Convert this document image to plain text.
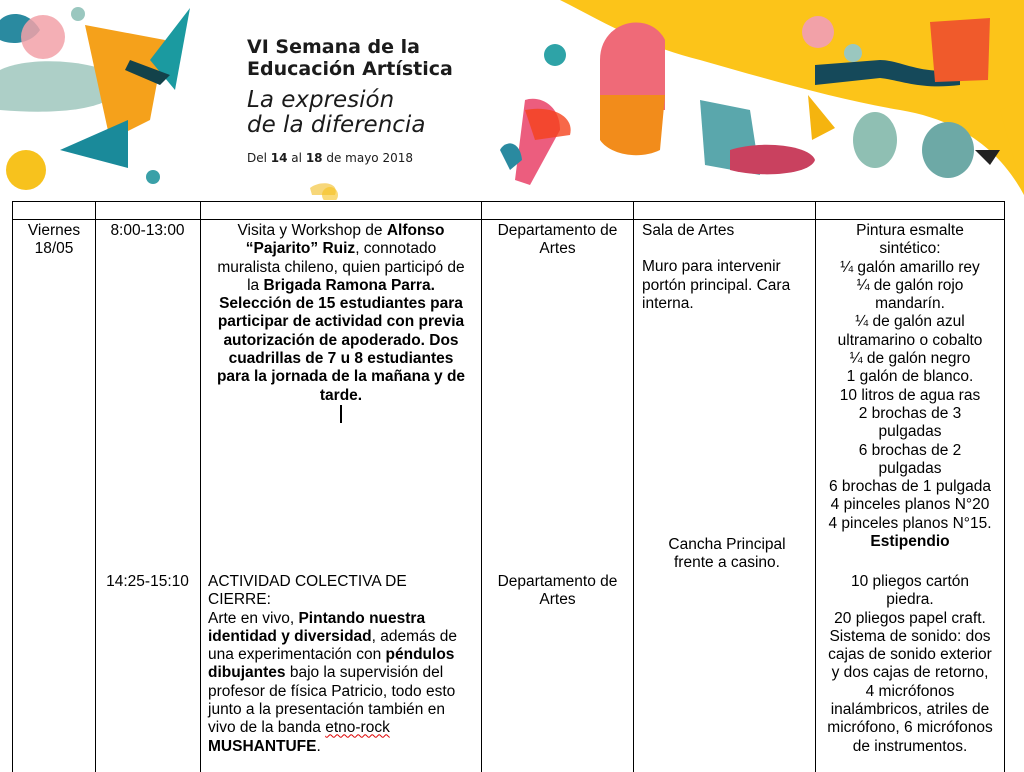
VI Semana de la
Educación Artística
La expresión
de la diferencia
Del 14 al 18 de mayo 2018
Viernes
18/05
8:00-13:00	Visita y Workshop de Alfonso
“Pajarito” Ruiz, connotado
muralista chileno, quien participó de
la Brigada Ramona Parra.
Selección de 15 estudiantes para
participar de actividad con previa
autorización de apoderado. Dos
cuadrillas de 7 u 8 estudiantes
para la jornada de la mañana y de
tarde.
Departamento de
Artes
Sala de Artes
Muro para intervenir
portón principal. Cara
interna.
Pintura esmalte
sintético:
¼ galón amarillo rey
¼ de galón rojo
mandarín.
¼ de galón azul
ultramarino o cobalto
¼ de galón negro
1 galón de blanco.
10 litros de agua ras
2 brochas de 3
pulgadas
6 brochas de 2
pulgadas
6 brochas de 1 pulgada
4 pinceles planos N°20
4 pinceles planos N°15.
Estipendio
Cancha Principal
frente a casino.
14:25-15:10	ACTIVIDAD COLECTIVA DE
CIERRE:
Arte en vivo, Pintando nuestra
identidad y diversidad, además de
una experimentación con péndulos
dibujantes bajo la supervisión del
profesor de física Patricio, todo esto
junto a la presentación también en
vivo de la banda etno-rock
MUSHANTUFE.
Departamento de
Artes
10 pliegos cartón
piedra.
20 pliegos papel craft.
Sistema de sonido: dos
cajas de sonido exterior
y dos cajas de retorno,
4 micrófonos
inalámbricos, atriles de
micrófono, 6 micrófonos
de instrumentos.
